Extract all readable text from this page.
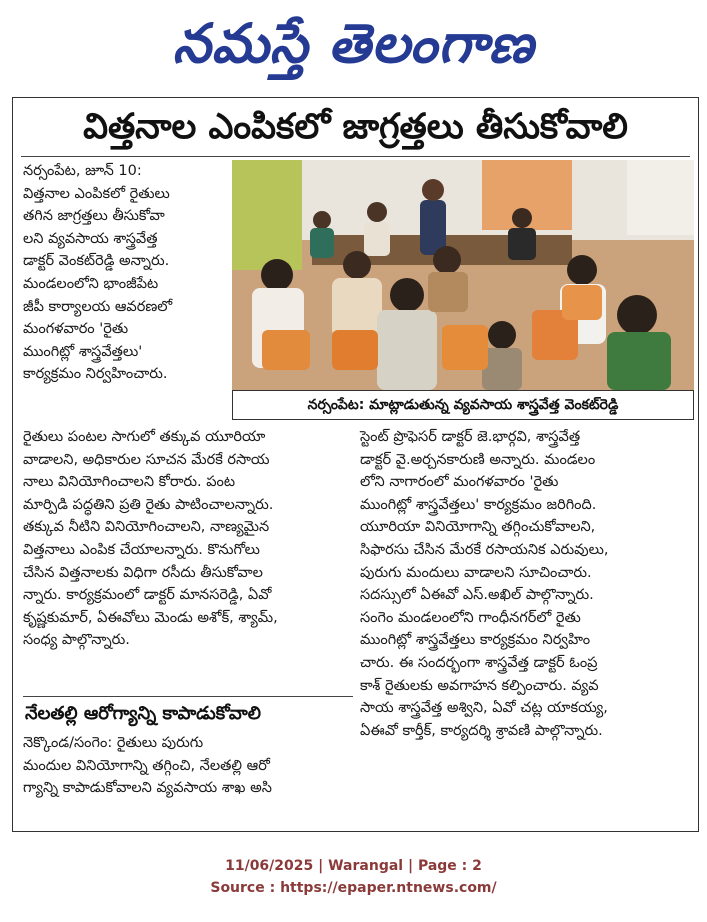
నమస్తే తెలంగాణ
విత్తనాల ఎంపికలో జాగ్రత్తలు తీసుకోవాలి

నర్సంపేట, జూన్ 10:

విత్తనాల ఎంపికలో రైతులు

తగిన జాగ్రత్తలు తీసుకోవా

లని వ్యవసాయ శాస్త్రవేత్త

డాక్టర్ వెంకట్‌రెడ్డి అన్నారు.

మండలంలోని భాంజీపేట

జీపీ కార్యాలయ ఆవరణలో

మంగళవారం 'రైతు

ముంగిట్లో శాస్త్రవేత్తలు'

కార్యక్రమం నిర్వహించారు.

నర్సంపేట: మాట్లాడుతున్న వ్యవసాయ శాస్త్రవేత్త వెంకట్‌రెడ్డి

రైతులు పంటల సాగులో తక్కువ యూరియా

వాడాలని, అధికారుల సూచన మేరకే రసాయ

నాలు వినియోగించాలని కోరారు. పంట

మార్పిడి పద్ధతిని ప్రతి రైతు పాటించాలన్నారు.

తక్కువ నీటిని వినియోగించాలని, నాణ్యమైన

విత్తనాలు ఎంపిక చేయాలన్నారు. కొనుగోలు

చేసిన విత్తనాలకు విధిగా రసీదు తీసుకోవాల

న్నారు. కార్యక్రమంలో డాక్టర్ మానసరెడ్డి, ఏవో

కృష్ణకుమార్, ఏఈవోలు మెండు అశోక్, శ్యామ్,

సంధ్య పాల్గొన్నారు.

నేలతల్లి ఆరోగ్యాన్ని కాపాడుకోవాలి

నెక్కొండ/సంగెం: రైతులు పురుగు

మందుల వినియోగాన్ని తగ్గించి, నేలతల్లి ఆరో

గ్యాన్ని కాపాడుకోవాలని వ్యవసాయ శాఖ అసి

స్టెంట్ ప్రొఫెసర్ డాక్టర్ జె.భార్గవి, శాస్త్రవేత్త

డాక్టర్ వై.అర్చనకారుణి అన్నారు. మండలం

లోని నాగారంలో మంగళవారం 'రైతు

ముంగిట్లో శాస్త్రవేత్తలు' కార్యక్రమం జరిగింది.

యూరియా వినియోగాన్ని తగ్గించుకోవాలని,

సిఫారసు చేసిన మేరకే రసాయనిక ఎరువులు,

పురుగు మందులు వాడాలని సూచించారు.

సదస్సులో ఏఈవో ఎస్.అఖిల్ పాల్గొన్నారు.

సంగెం మండలంలోని గాంధీనగర్‌లో రైతు

ముంగిట్లో శాస్త్రవేత్తలు కార్యక్రమం నిర్వహిం

చారు. ఈ సందర్భంగా శాస్త్రవేత్త డాక్టర్ ఓంప్ర

కాశ్ రైతులకు అవగాహన కల్పించారు. వ్యవ

సాయ శాస్త్రవేత్త అశ్విని, ఏవో చట్ల యాకయ్య,

ఏఈవో కార్తీక్, కార్యదర్శి శ్రావణి పాల్గొన్నారు.

11/06/2025 | Warangal | Page : 2
Source : https://epaper.ntnews.com/
